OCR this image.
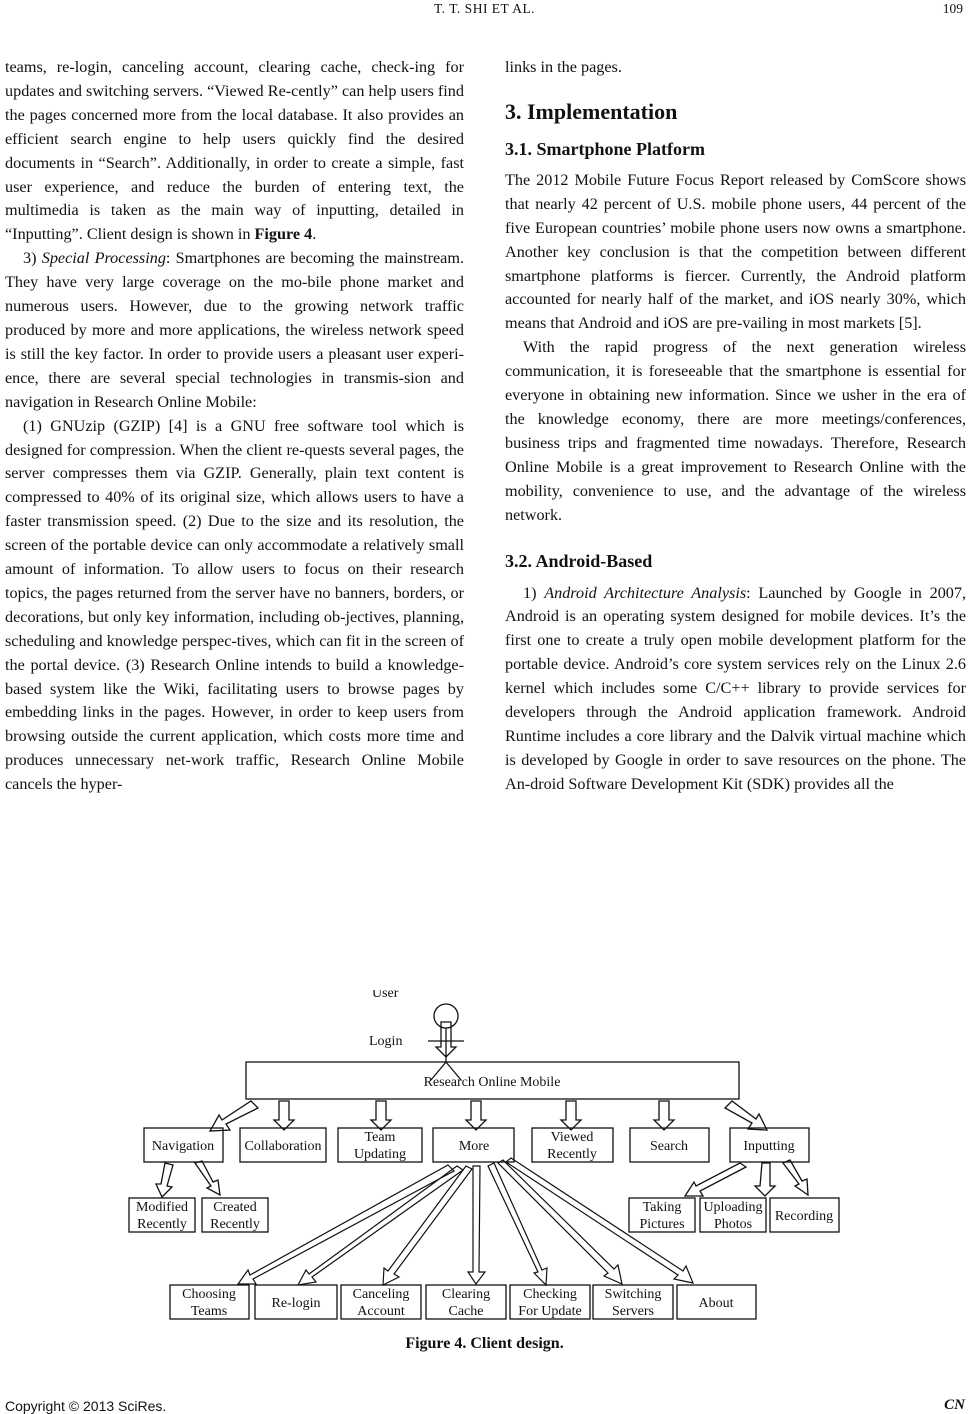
T. T. SHI ET AL.	109

teams, re-login, canceling account, clearing cache, check-ing for updates and switching servers. “Viewed Re-cently” can help users find the pages concerned more from the local database. It also provides an efficient search engine to help users quickly find the desired documents in “Search”. Additionally, in order to create a simple, fast user experience, and reduce the burden of entering text, the multimedia is taken as the main way of inputting, detailed in “Inputting”. Client design is shown in Figure 4.

3) Special Processing: Smartphones are becoming the mainstream. They have very large coverage on the mo-bile phone market and numerous users. However, due to the growing network traffic produced by more and more applications, the wireless network speed is still the key factor. In order to provide users a pleasant user experi-ence, there are several special technologies in transmis-sion and navigation in Research Online Mobile:

(1) GNUzip (GZIP) [4] is a GNU free software tool which is designed for compression. When the client re-quests several pages, the server compresses them via GZIP. Generally, plain text content is compressed to 40% of its original size, which allows users to have a faster transmission speed. (2) Due to the size and its resolution, the screen of the portable device can only accommodate a relatively small amount of information. To allow users to focus on their research topics, the pages returned from the server have no banners, borders, or decorations, but only key information, including ob-jectives, planning, scheduling and knowledge perspec-tives, which can fit in the screen of the portal device. (3) Research Online intends to build a knowledge-based system like the Wiki, facilitating users to browse pages by embedding links in the pages. However, in order to keep users from browsing outside the current application, which costs more time and produces unnecessary net-work traffic, Research Online Mobile cancels the hyper-

links in the pages.

3. Implementation
3.1. Smartphone Platform

The 2012 Mobile Future Focus Report released by ComScore shows that nearly 42 percent of U.S. mobile phone users, 44 percent of the five European countries’ mobile phone users now owns a smartphone. Another key conclusion is that the competition between different smartphone platforms is fiercer. Currently, the Android platform accounted for nearly half of the market, and iOS nearly 30%, which means that Android and iOS are pre-vailing in most markets [5].

With the rapid progress of the next generation wireless communication, it is foreseeable that the smartphone is essential for everyone in obtaining new information. Since we usher in the era of the knowledge economy, there are more meetings/conferences, business trips and fragmented time nowadays. Therefore, Research Online Mobile is a great improvement to Research Online with the mobility, convenience to use, and the advantage of the wireless network.

3.2. Android-Based

1) Android Architecture Analysis: Launched by Google in 2007, Android is an operating system designed for mobile devices. It’s the first one to create a truly open mobile development platform for the portable device. Android’s core system services rely on the Linux 2.6 kernel which includes some C/C++ library to provide services for developers through the Android application framework. Android Runtime includes a core library and the Dalvik virtual machine which is developed by Google in order to save resources on the phone. The An-droid Software Development Kit (SDK) provides all the

User
Login
Research Online Mobile
Navigation Collaboration
Team
Updating
More
Viewed
Recently
Search	Inputting
Modified
Recently
Created
Recently
Taking
Pictures
Uploading
Photos
Recording
Choosing
Teams
Re-login
Canceling
Account
Clearing
Cache
Checking
For Update
Switching
Servers
About
Figure 4. Client design.
Copyright © 2013 SciRes.	CN
